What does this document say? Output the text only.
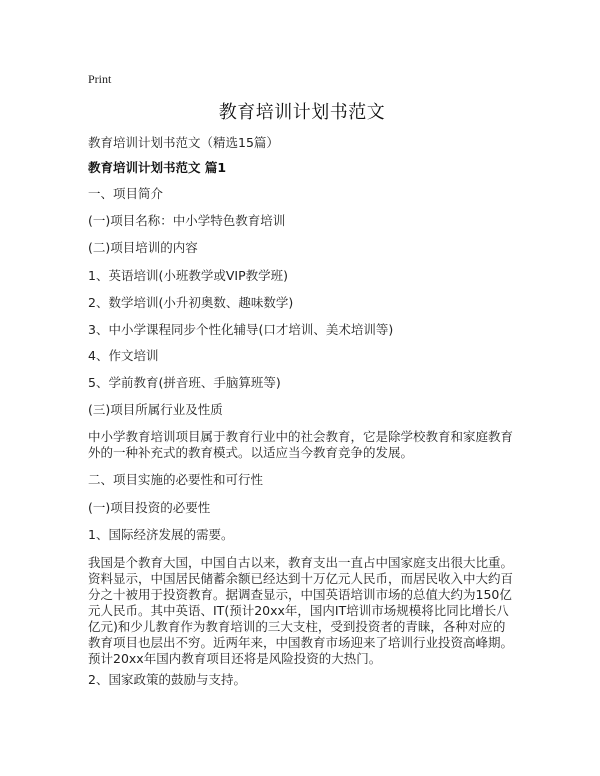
Print
教育培训计划书范文
教育培训计划书范文（精选15篇）
教育培训计划书范文 篇1
一、项目简介
(一)项目名称：中小学特色教育培训
(二)项目培训的内容
1、英语培训(小班教学或VIP教学班)
2、数学培训(小升初奥数、趣味数学)
3、中小学课程同步个性化辅导(口才培训、美术培训等)
4、作文培训
5、学前教育(拼音班、手脑算班等)
(三)项目所属行业及性质
中小学教育培训项目属于教育行业中的社会教育，它是除学校教育和家庭教育外的一种补充式的教育模式。以适应当今教育竞争的发展。
二、项目实施的必要性和可行性
(一)项目投资的必要性
1、国际经济发展的需要。
我国是个教育大国，中国自古以来，教育支出一直占中国家庭支出很大比重。资料显示，中国居民储蓄余额已经达到十万亿元人民币，而居民收入中大约百分之十被用于投资教育。据调查显示，中国英语培训市场的总值大约为150亿元人民币。其中英语、IT(预计20xx年，国内IT培训市场规模将比同比增长八亿元)和少儿教育作为教育培训的三大支柱，受到投资者的青睐，各种对应的教育项目也层出不穷。近两年来，中国教育市场迎来了培训行业投资高峰期。预计20xx年国内教育项目还将是风险投资的大热门。
2、国家政策的鼓励与支持。
